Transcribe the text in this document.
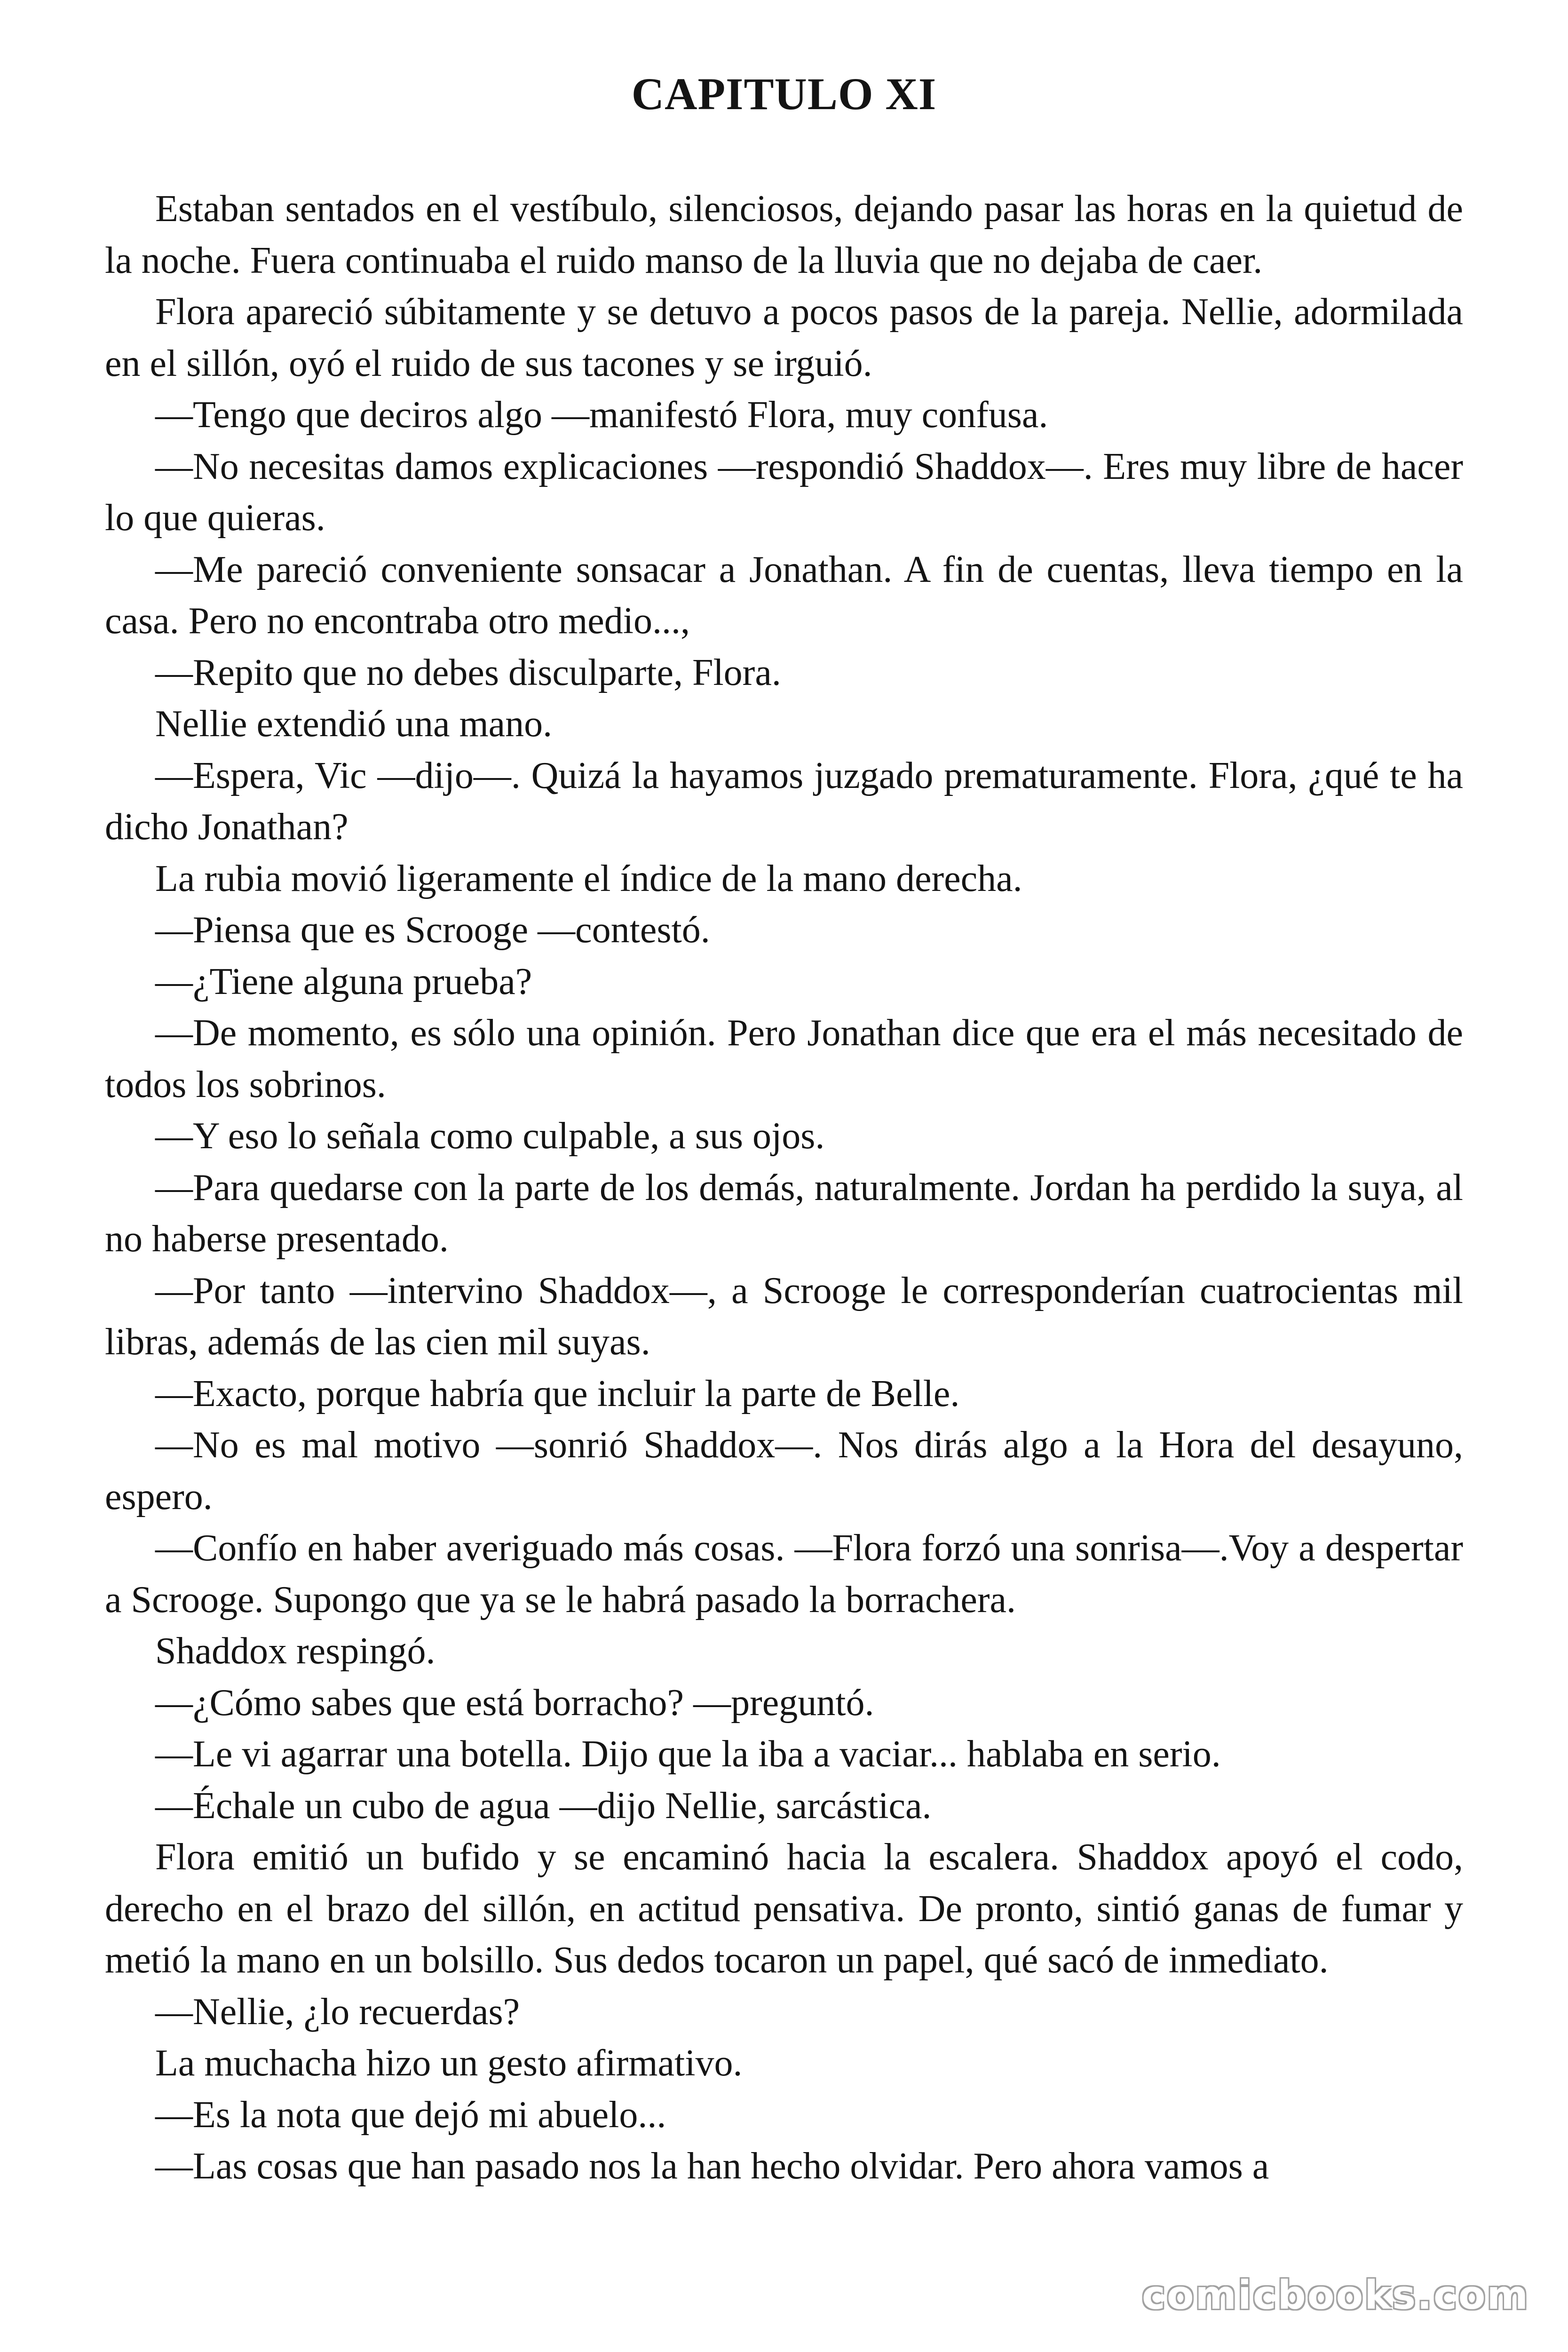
CAPITULO XI

Estaban sentados en el vestíbulo, silenciosos, dejando pasar las horas en la quietud de la noche. Fuera continuaba el ruido manso de la lluvia que no dejaba de caer.

Flora apareció súbitamente y se detuvo a pocos pasos de la pareja. Nellie, adormilada en el sillón, oyó el ruido de sus tacones y se irguió.

—Tengo que deciros algo —manifestó Flora, muy confusa.

—No necesitas damos explicaciones —respondió Shaddox—. Eres muy libre de hacer lo que quieras.

—Me pareció conveniente sonsacar a Jonathan. A fin de cuentas, lleva tiempo en la casa. Pero no encontraba otro medio...,

—Repito que no debes disculparte, Flora.

Nellie extendió una mano.

—Espera, Vic —dijo—. Quizá la hayamos juzgado prematuramente. Flora, ¿qué te ha dicho Jonathan?

La rubia movió ligeramente el índice de la mano derecha.

—Piensa que es Scrooge —contestó.

—¿Tiene alguna prueba?

—De momento, es sólo una opinión. Pero Jonathan dice que era el más necesitado de todos los sobrinos.

—Y eso lo señala como culpable, a sus ojos.

—Para quedarse con la parte de los demás, naturalmente. Jordan ha perdido la suya, al no haberse presentado.

—Por tanto —intervino Shaddox—, a Scrooge le corresponderían cuatrocientas mil libras, además de las cien mil suyas.

—Exacto, porque habría que incluir la parte de Belle.

—No es mal motivo —sonrió Shaddox—. Nos dirás algo a la Hora del desayuno, espero.

—Confío en haber averiguado más cosas. —Flora forzó una sonrisa—.Voy a despertar a Scrooge. Supongo que ya se le habrá pasado la borrachera.

Shaddox respingó.

—¿Cómo sabes que está borracho? —preguntó.

—Le vi agarrar una botella. Dijo que la iba a vaciar... hablaba en serio.

—Échale un cubo de agua —dijo Nellie, sarcástica.

Flora emitió un bufido y se encaminó hacia la escalera. Shaddox apoyó el codo, derecho en el brazo del sillón, en actitud pensativa. De pronto, sintió ganas de fumar y metió la mano en un bolsillo. Sus dedos tocaron un papel, qué sacó de inmediato.

—Nellie, ¿lo recuerdas?

La muchacha hizo un gesto afirmativo.

—Es la nota que dejó mi abuelo...

—Las cosas que han pasado nos la han hecho olvidar. Pero ahora vamos a

comicbooks.com
